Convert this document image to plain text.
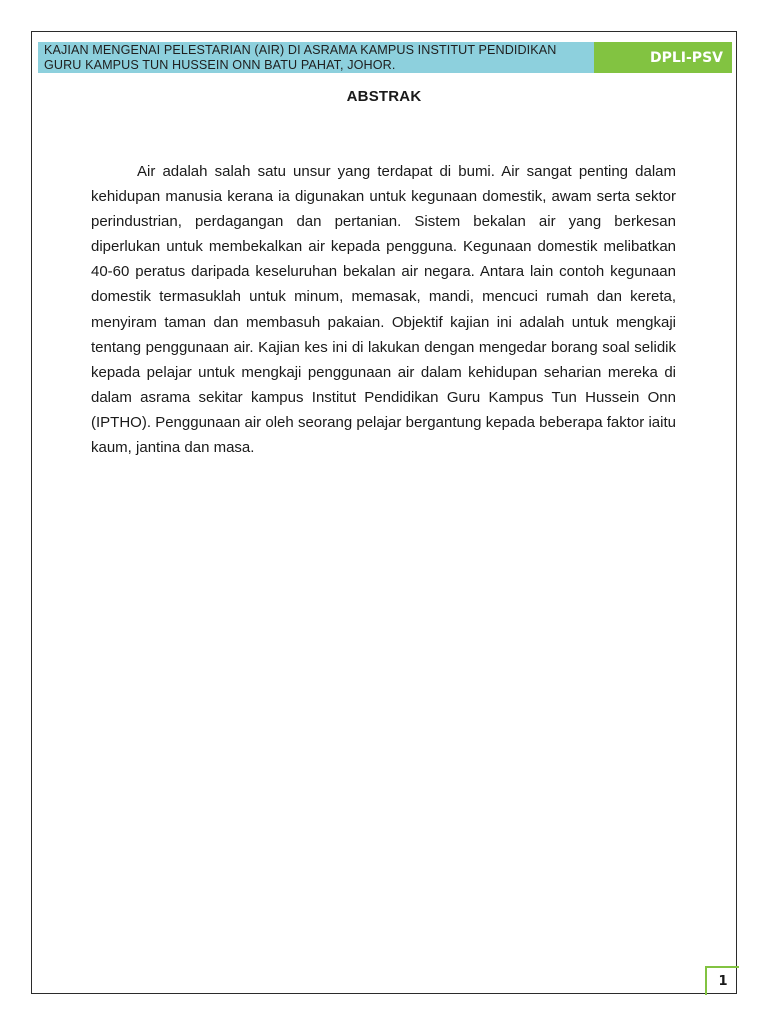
KAJIAN MENGENAI PELESTARIAN (AIR) DI ASRAMA KAMPUS INSTITUT PENDIDIKAN
GURU KAMPUS TUN HUSSEIN ONN BATU PAHAT, JOHOR.	DPLI-PSV
ABSTRAK

Air adalah salah satu unsur yang terdapat di bumi. Air sangat penting dalam kehidupan manusia kerana ia digunakan untuk kegunaan domestik, awam serta sektor perindustrian, perdagangan dan pertanian. Sistem bekalan air yang berkesan diperlukan untuk membekalkan air kepada pengguna. Kegunaan domestik melibatkan 40-60 peratus daripada keseluruhan bekalan air negara. Antara lain contoh kegunaan domestik termasuklah untuk minum, memasak, mandi, mencuci rumah dan kereta, menyiram taman dan membasuh pakaian. Objektif kajian ini adalah untuk mengkaji tentang penggunaan air. Kajian kes ini di lakukan dengan mengedar borang soal selidik kepada pelajar untuk mengkaji penggunaan air dalam kehidupan seharian mereka di dalam asrama sekitar kampus Institut Pendidikan Guru Kampus Tun Hussein Onn (IPTHO). Penggunaan air oleh seorang pelajar bergantung kepada beberapa faktor iaitu kaum, jantina dan masa.

1
